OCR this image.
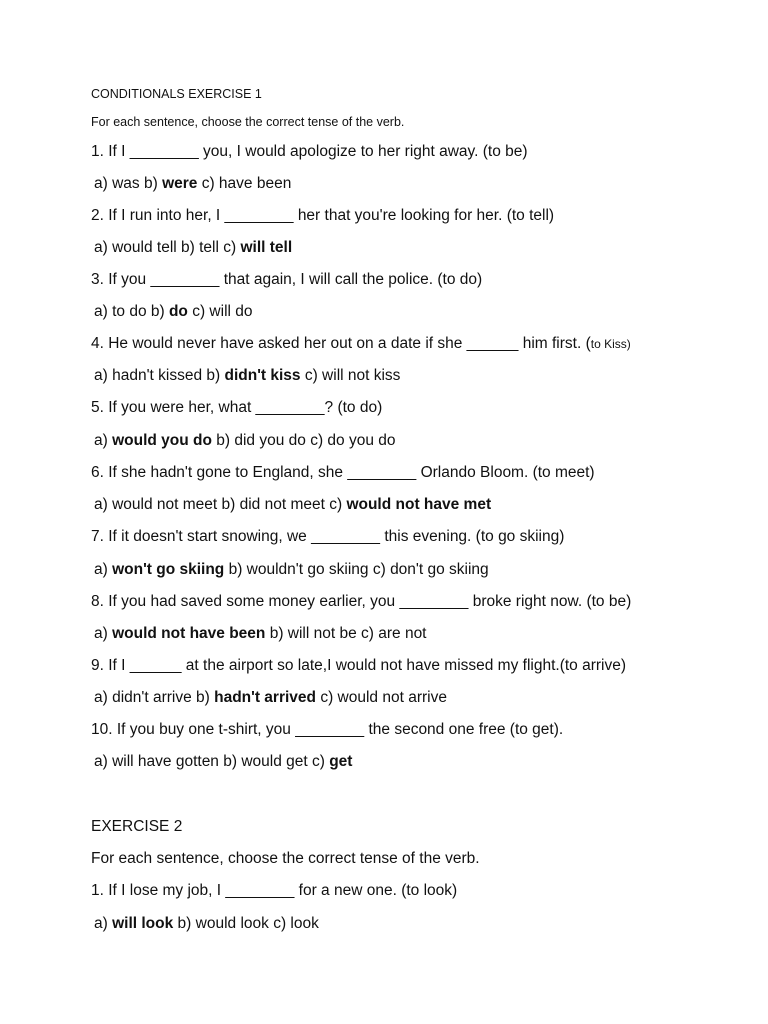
CONDITIONALS EXERCISE 1
For each sentence, choose the correct tense of the verb.
1. If I ________ you, I would apologize to her right away. (to be)
a) was b) were c) have been
2. If I run into her, I ________ her that you're looking for her. (to tell)
a) would tell b) tell c) will tell
3. If you ________ that again, I will call the police. (to do)
a) to do b) do c) will do
4. He would never have asked her out on a date if she ______ him first. (to Kiss)
a) hadn't kissed b) didn't kiss c) will not kiss
5. If you were her, what ________? (to do)
a) would you do b) did you do c) do you do
6. If she hadn't gone to England, she ________ Orlando Bloom. (to meet)
a) would not meet b) did not meet c) would not have met
7. If it doesn't start snowing, we ________ this evening. (to go skiing)
a) won't go skiing b) wouldn't go skiing c) don't go skiing
8. If you had saved some money earlier, you ________ broke right now. (to be)
a) would not have been b) will not be c) are not
9. If I ______ at the airport so late,I would not have missed my flight.(to arrive)
a) didn't arrive b) hadn't arrived c) would not arrive
10. If you buy one t-shirt, you ________ the second one free (to get).
a) will have gotten b) would get c) get
EXERCISE 2
For each sentence, choose the correct tense of the verb.
1. If I lose my job, I ________ for a new one. (to look)
a) will look b) would look c) look
